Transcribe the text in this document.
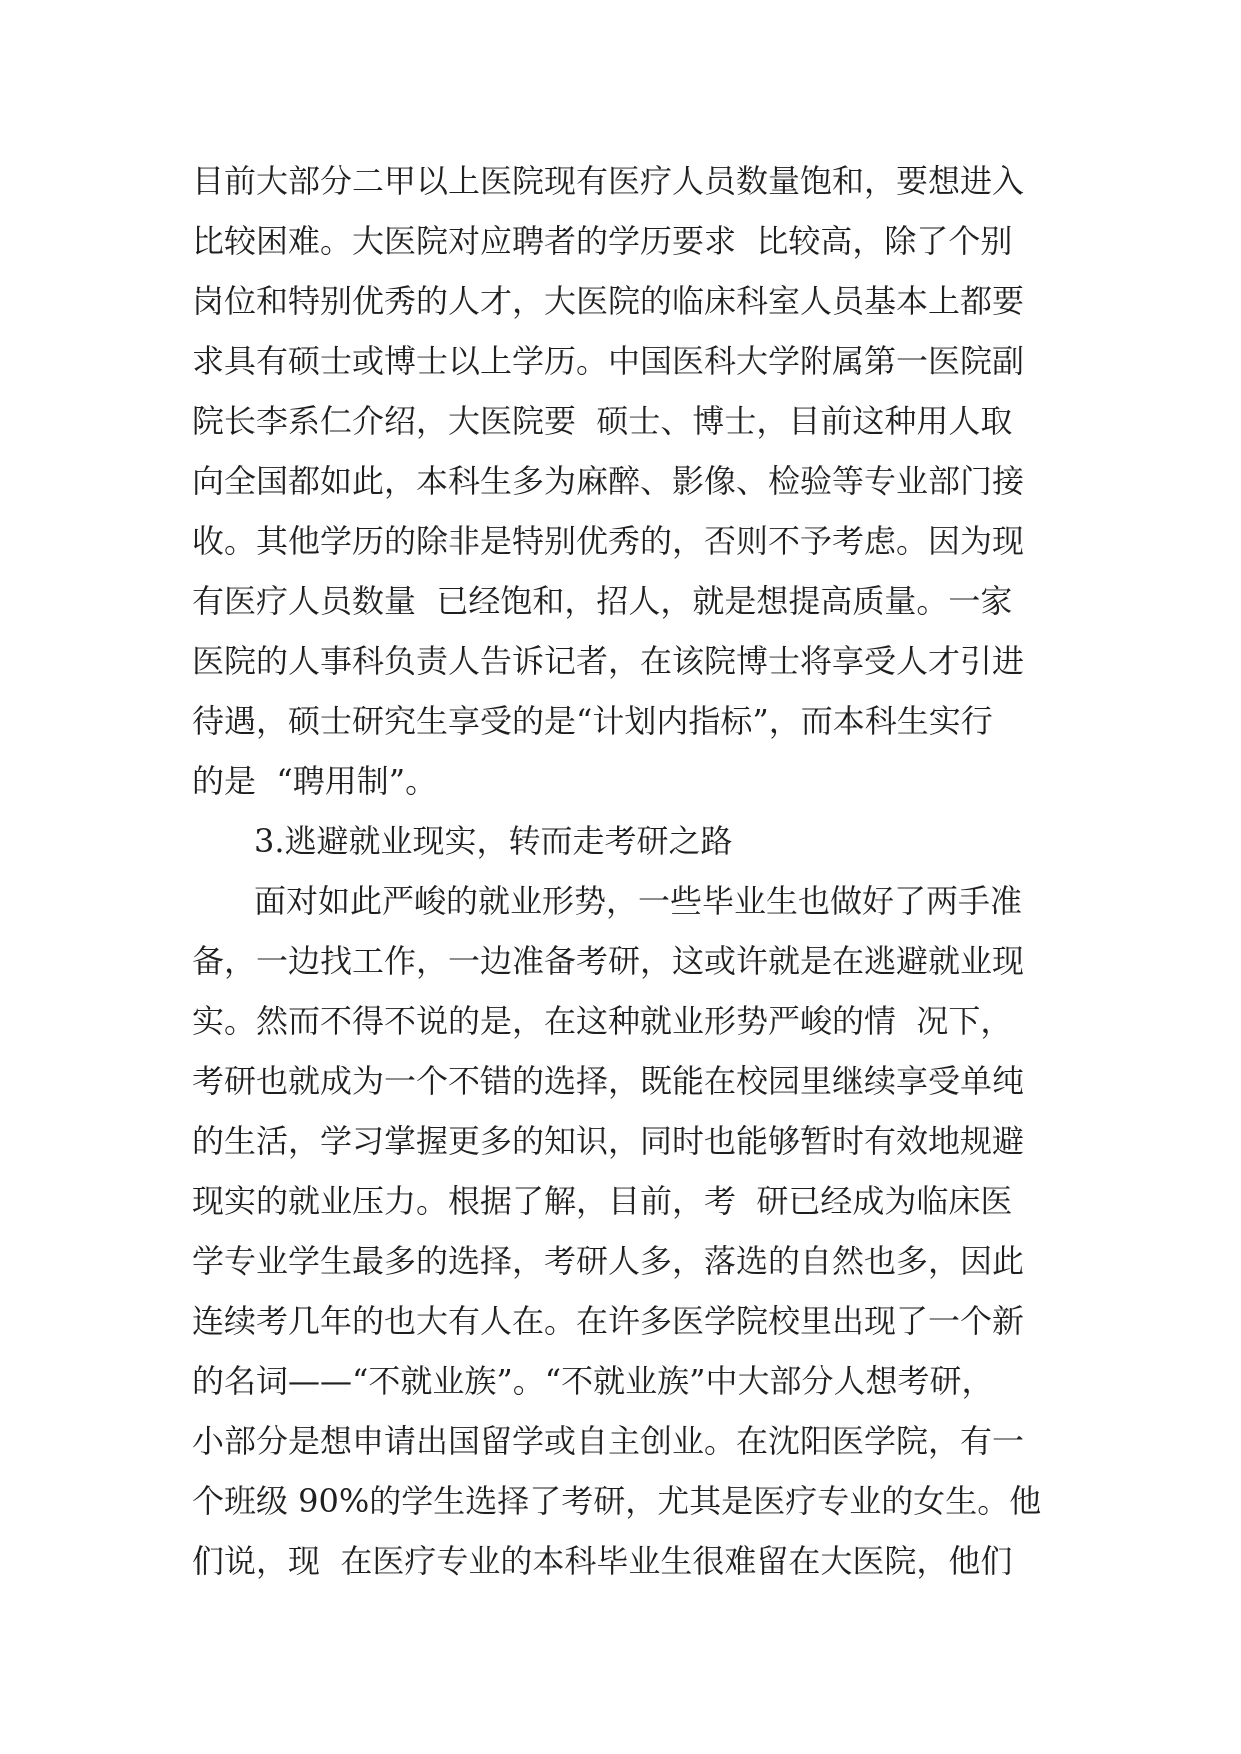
目前大部分二甲以上医院现有医疗人员数量饱和，要想进入
比较困难。大医院对应聘者的学历要求  比较高，除了个别
岗位和特别优秀的人才，大医院的临床科室人员基本上都要
求具有硕士或博士以上学历。中国医科大学附属第一医院副
院长李系仁介绍，大医院要  硕士、博士，目前这种用人取
向全国都如此，本科生多为麻醉、影像、检验等专业部门接
收。其他学历的除非是特别优秀的，否则不予考虑。因为现
有医疗人员数量  已经饱和，招人，就是想提高质量。一家
医院的人事科负责人告诉记者，在该院博士将享受人才引进
待遇，硕士研究生享受的是“计划内指标”，而本科生实行
的是  “聘用制”。
3.逃避就业现实，转而走考研之路
面对如此严峻的就业形势，一些毕业生也做好了两手准
备，一边找工作，一边准备考研，这或许就是在逃避就业现
实。然而不得不说的是，在这种就业形势严峻的情  况下，
考研也就成为一个不错的选择，既能在校园里继续享受单纯
的生活，学习掌握更多的知识，同时也能够暂时有效地规避
现实的就业压力。根据了解，目前，考  研已经成为临床医
学专业学生最多的选择，考研人多，落选的自然也多，因此
连续考几年的也大有人在。在许多医学院校里出现了一个新
的名词——“不就业族”。“不就业族”中大部分人想考研，
小部分是想申请出国留学或自主创业。在沈阳医学院，有一
个班级 90%的学生选择了考研，尤其是医疗专业的女生。他
们说，现  在医疗专业的本科毕业生很难留在大医院，他们
